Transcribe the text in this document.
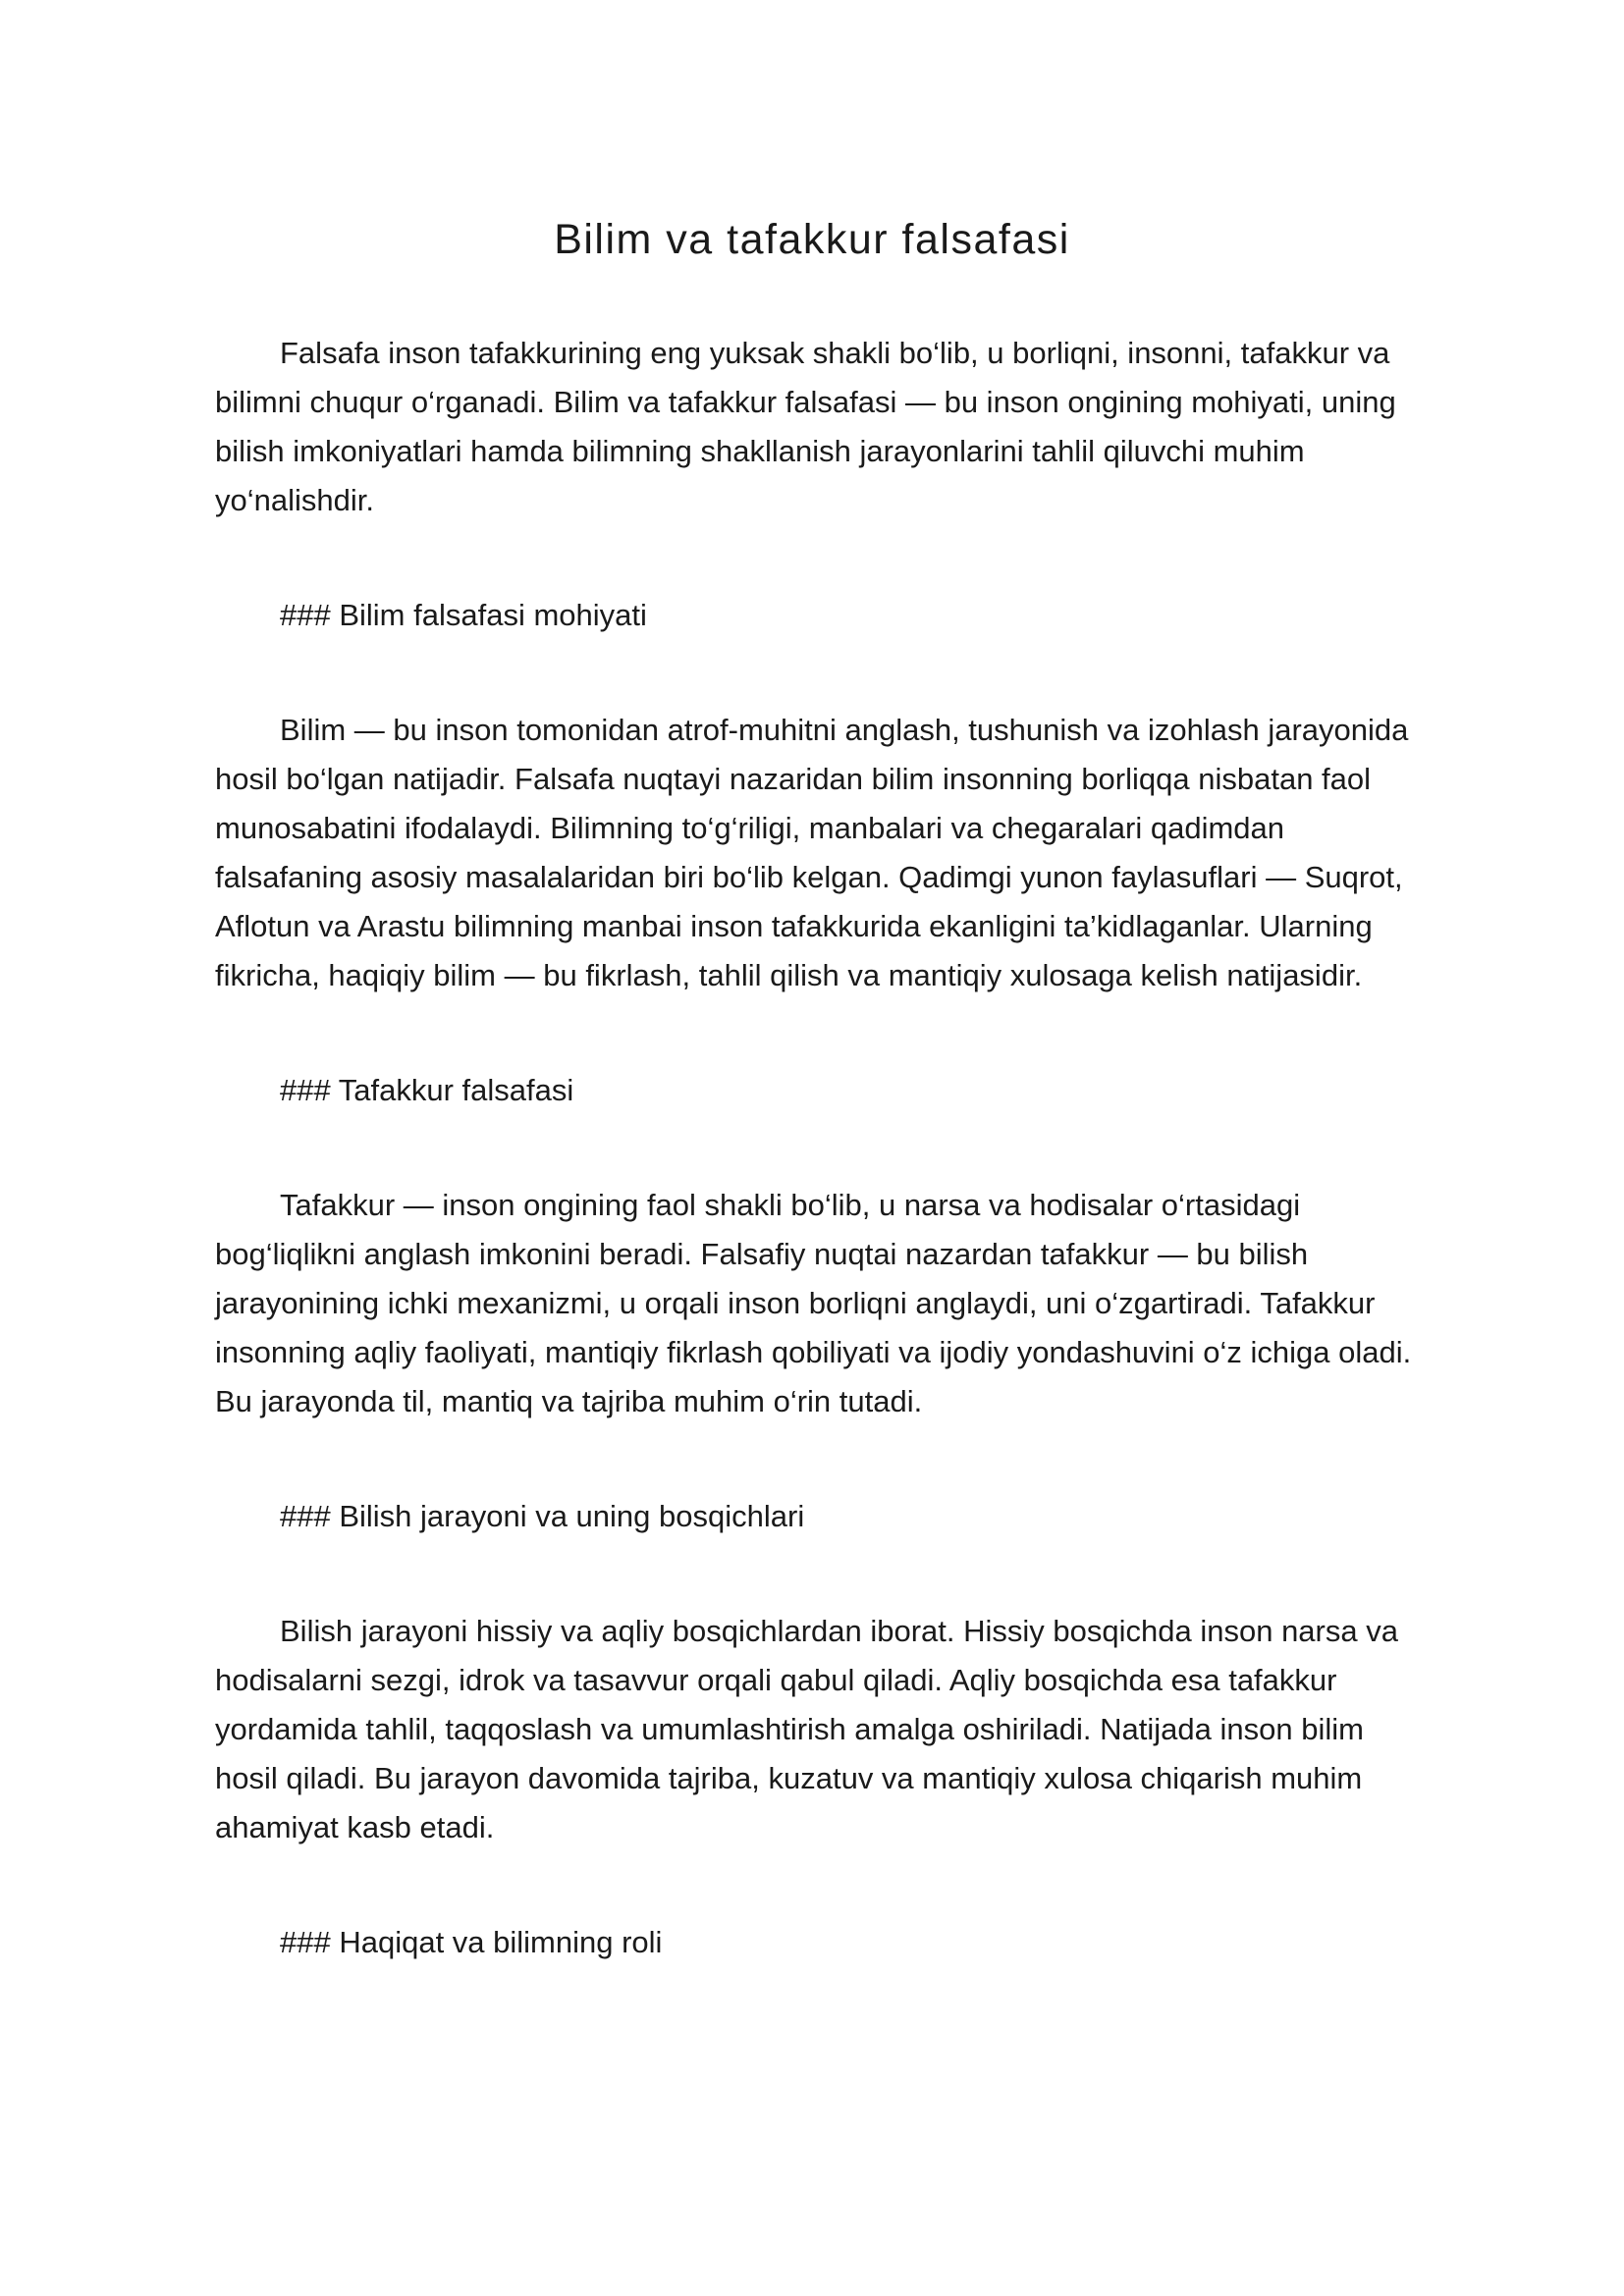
Bilim va tafakkur falsafasi

Falsafa inson tafakkurining eng yuksak shakli bo‘lib, u borliqni, insonni, tafakkur va bilimni chuqur o‘rganadi. Bilim va tafakkur falsafasi — bu inson ongining mohiyati, uning bilish imkoniyatlari hamda bilimning shakllanish jarayonlarini tahlil qiluvchi muhim yo‘nalishdir.

### Bilim falsafasi mohiyati

Bilim — bu inson tomonidan atrof-muhitni anglash, tushunish va izohlash jarayonida hosil bo‘lgan natijadir. Falsafa nuqtayi nazaridan bilim insonning borliqqa nisbatan faol munosabatini ifodalaydi. Bilimning to‘g‘riligi, manbalari va chegaralari qadimdan falsafaning asosiy masalalaridan biri bo‘lib kelgan. Qadimgi yunon faylasuflari — Suqrot, Aflotun va Arastu bilimning manbai inson tafakkurida ekanligini ta’kidlaganlar. Ularning fikricha, haqiqiy bilim — bu fikrlash, tahlil qilish va mantiqiy xulosaga kelish natijasidir.

### Tafakkur falsafasi

Tafakkur — inson ongining faol shakli bo‘lib, u narsa va hodisalar o‘rtasidagi bog‘liqlikni anglash imkonini beradi. Falsafiy nuqtai nazardan tafakkur — bu bilish jarayonining ichki mexanizmi, u orqali inson borliqni anglaydi, uni o‘zgartiradi. Tafakkur insonning aqliy faoliyati, mantiqiy fikrlash qobiliyati va ijodiy yondashuvini o‘z ichiga oladi. Bu jarayonda til, mantiq va tajriba muhim o‘rin tutadi.

### Bilish jarayoni va uning bosqichlari

Bilish jarayoni hissiy va aqliy bosqichlardan iborat. Hissiy bosqichda inson narsa va hodisalarni sezgi, idrok va tasavvur orqali qabul qiladi. Aqliy bosqichda esa tafakkur yordamida tahlil, taqqoslash va umumlashtirish amalga oshiriladi. Natijada inson bilim hosil qiladi. Bu jarayon davomida tajriba, kuzatuv va mantiqiy xulosa chiqarish muhim ahamiyat kasb etadi.

### Haqiqat va bilimning roli
